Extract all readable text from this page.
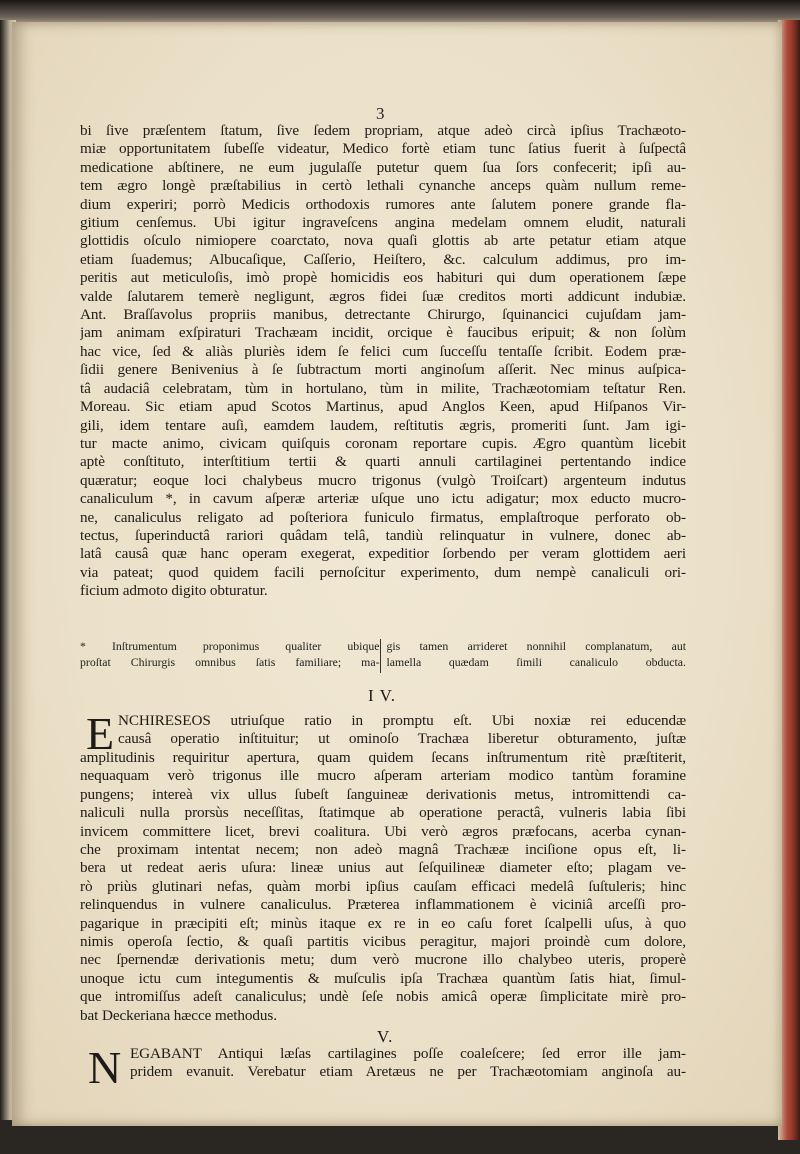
3
bi ſive præſentem ſtatum, ſive ſedem propriam, atque adeò circà ipſius Trachæoto-
miæ opportunitatem ſubeſſe videatur, Medico fortè etiam tunc ſatius fuerit à ſuſpectâ
medicatione abſtinere, ne eum jugulaſſe putetur quem ſua ſors confecerit; ipſi au-
tem ægro longè præſtabilius in certò lethali cynanche anceps quàm nullum reme-
dium experiri; porrò Medicis orthodoxis rumores ante ſalutem ponere grande fla-
gitium cenſemus. Ubi igitur ingraveſcens angina medelam omnem eludit, naturali
glottidis oſculo nimiopere coarctato, nova quaſi glottis ab arte petatur etiam atque
etiam ſuademus; Albucaſique, Caſſerio, Heiſtero, &c. calculum addimus, pro im-
peritis aut meticuloſis, imò propè homicidis eos habituri qui dum operationem ſæpe
valde ſalutarem temerè negligunt, ægros fidei ſuæ creditos morti addicunt indubiæ.
Ant. Braſſavolus propriis manibus, detrectante Chirurgo, ſquinancici cujuſdam jam-
jam animam exſpiraturi Trachæam incidit, orcique è faucibus eripuit; & non ſolùm
hac vice, ſed & aliàs pluriès idem ſe felici cum ſucceſſu tentaſſe ſcribit. Eodem præ-
ſidii genere Benivenius à ſe ſubtractum morti anginoſum aſſerit. Nec minus auſpica-
tâ audaciâ celebratam, tùm in hortulano, tùm in milite, Trachæotomiam teſtatur Ren.
Moreau. Sic etiam apud Scotos Martinus, apud Anglos Keen, apud Hiſpanos Vir-
gili, idem tentare auſi, eamdem laudem, reſtitutis ægris, promeriti ſunt. Jam igi-
tur macte animo, civicam quiſquis coronam reportare cupis. Ægro quantùm licebit
aptè conſtituto, interſtitium tertii & quarti annuli cartilaginei pertentando indice
quæratur; eoque loci chalybeus mucro trigonus (vulgò Troiſcart) argenteum indutus
canaliculum *, in cavum aſperæ arteriæ uſque uno ictu adigatur; mox educto mucro-
ne, canaliculus religato ad poſteriora funiculo firmatus, emplaſtroque perforato ob-
tectus, ſuperinductâ rariori quâdam telâ, tandiù relinquatur in vulnere, donec ab-
latâ causâ quæ hanc operam exegerat, expeditior ſorbendo per veram glottidem aeri
via pateat; quod quidem facili pernoſcitur experimento, dum nempè canaliculi ori-
ficium admoto digito obturatur.
* Inſtrumentum proponimus qualiter ubique
proſtat Chirurgis omnibus ſatis familiare; ma-
gis tamen arrideret nonnihil complanatum, aut
lamella quædam ſimili canaliculo obducta.
I V.
E NCHIRESEOS utriuſque ratio in promptu eſt. Ubi noxiæ rei educendæ
causâ operatio inſtituitur; ut ominoſo Trachæa liberetur obturamento, juſtæ
amplitudinis requiritur apertura, quam quidem ſecans inſtrumentum ritè præſtiterit,
nequaquam verò trigonus ille mucro aſperam arteriam modico tantùm foramine
pungens; intereà vix ullus ſubeſt ſanguineæ derivationis metus, intromittendi ca-
naliculi nulla prorsùs neceſſitas, ſtatimque ab operatione peractâ, vulneris labia ſibi
invicem committere licet, brevi coalitura. Ubi verò ægros præfocans, acerba cynan-
che proximam intentat necem; non adeò magnâ Trachææ inciſione opus eſt, li-
bera ut redeat aeris uſura: lineæ unius aut ſeſquilineæ diameter eſto; plagam ve-
rò priùs glutinari nefas, quàm morbi ipſius cauſam efficaci medelâ ſuſtuleris; hinc
relinquendus in vulnere canaliculus. Præterea inflammationem è viciniâ arceſſi pro-
pagarique in præcipiti eſt; minùs itaque ex re in eo caſu foret ſcalpelli uſus, à quo
nimis operoſa ſectio, & quaſi partitis vicibus peragitur, majori proindè cum dolore,
nec ſpernendæ derivationis metu; dum verò mucrone illo chalybeo uteris, properè
unoque ictu cum integumentis & muſculis ipſa Trachæa quantùm ſatis hiat, ſimul-
que intromiſſus adeſt canaliculus; undè ſeſe nobis amicâ operæ ſimplicitate mirè pro-
bat Deckeriana hæcce methodus.
V.
N EGABANT Antiqui læſas cartilagines poſſe coaleſcere; ſed error ille jam-
pridem evanuit. Verebatur etiam Aretæus ne per Trachæotomiam anginoſa au-
